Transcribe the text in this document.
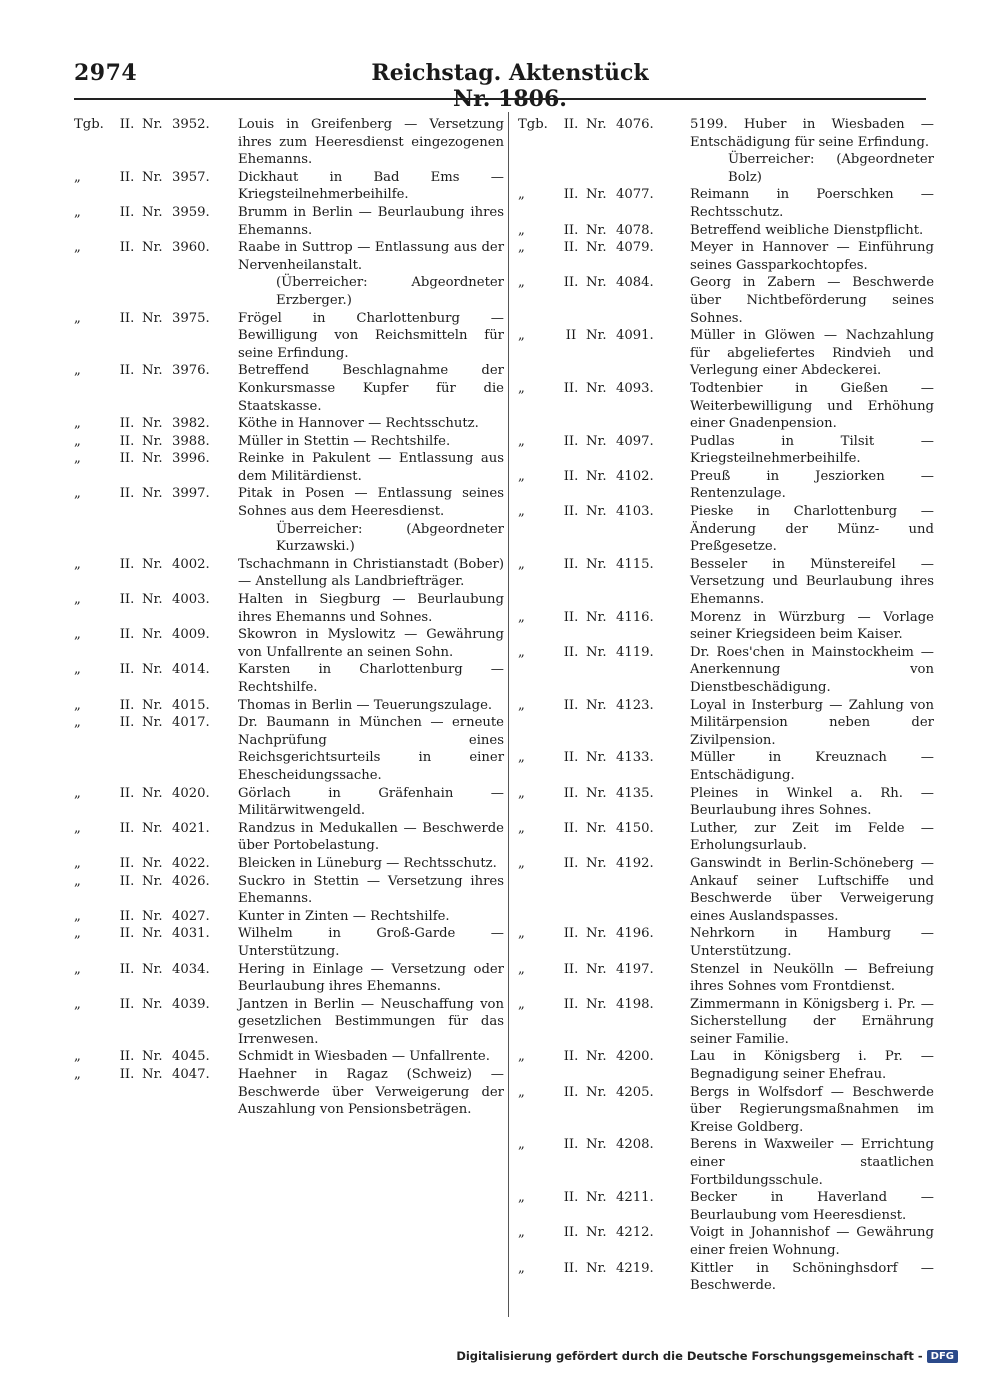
2974	Reichstag. Aktenstück Nr. 1806.
Tgb.	II. Nr. 3952.	Louis in Greifenberg — Versetzung ihres zum Heeresdienst eingezogenen Ehemanns.
„	II. Nr. 3957.	Dickhaut in Bad Ems — Kriegsteilnehmerbeihilfe.
„	II. Nr. 3959.	Brumm in Berlin — Beurlaubung ihres Ehemanns.
„	II. Nr. 3960.	Raabe in Suttrop — Entlassung aus der Nervenheilanstalt.
(Überreicher: Abgeordneter Erzberger.)
„	II. Nr. 3975.	Frögel in Charlottenburg — Bewilligung von Reichsmitteln für seine Erfindung.
„	II. Nr. 3976.	Betreffend Beschlagnahme der Konkursmasse Kupfer für die Staatskasse.
„	II. Nr. 3982.	Köthe in Hannover — Rechtsschutz.
„	II. Nr. 3988.	Müller in Stettin — Rechtshilfe.
„	II. Nr. 3996.	Reinke in Pakulent — Entlassung aus dem Militärdienst.
„	II. Nr. 3997.	Pitak in Posen — Entlassung seines Sohnes aus dem Heeresdienst.
Überreicher: (Abgeordneter Kurzawski.)
„	II. Nr. 4002.	Tschachmann in Christianstadt (Bober) — Anstellung als Landbriefträger.
„	II. Nr. 4003.	Halten in Siegburg — Beurlaubung ihres Ehemanns und Sohnes.
„	II. Nr. 4009.	Skowron in Myslowitz — Gewährung von Unfallrente an seinen Sohn.
„	II. Nr. 4014.	Karsten in Charlottenburg — Rechtshilfe.
„	II. Nr. 4015.	Thomas in Berlin — Teuerungszulage.
„	II. Nr. 4017.	Dr. Baumann in München — erneute Nachprüfung eines Reichsgerichtsurteils in einer Ehescheidungssache.
„	II. Nr. 4020.	Görlach in Gräfenhain — Militärwitwengeld.
„	II. Nr. 4021.	Randzus in Medukallen — Beschwerde über Portobelastung.
„	II. Nr. 4022.	Bleicken in Lüneburg — Rechtsschutz.
„	II. Nr. 4026.	Suckro in Stettin — Versetzung ihres Ehemanns.
„	II. Nr. 4027.	Kunter in Zinten — Rechtshilfe.
„	II. Nr. 4031.	Wilhelm in Groß-Garde — Unterstützung.
„	II. Nr. 4034.	Hering in Einlage — Versetzung oder Beurlaubung ihres Ehemanns.
„	II. Nr. 4039.	Jantzen in Berlin — Neuschaffung von gesetzlichen Bestimmungen für das Irrenwesen.
„	II. Nr. 4045.	Schmidt in Wiesbaden — Unfallrente.
„	II. Nr. 4047.	Haehner in Ragaz (Schweiz) — Beschwerde über Verweigerung der Auszahlung von Pensionsbeträgen.
Tgb.	II. Nr. 4076.	5199. Huber in Wiesbaden — Entschädigung für seine Erfindung.
Überreicher: (Abgeordneter Bolz)
„	II. Nr. 4077.	Reimann in Poerschken — Rechtsschutz.
„	II. Nr. 4078.	Betreffend weibliche Dienstpflicht.
„	II. Nr. 4079.	Meyer in Hannover — Einführung seines Gassparkochtopfes.
„	II. Nr. 4084.	Georg in Zabern — Beschwerde über Nichtbeförderung seines Sohnes.
„	II Nr. 4091.	Müller in Glöwen — Nachzahlung für abgeliefertes Rindvieh und Verlegung einer Abdeckerei.
„	II. Nr. 4093.	Todtenbier in Gießen — Weiterbewilligung und Erhöhung einer Gnadenpension.
„	II. Nr. 4097.	Pudlas in Tilsit — Kriegsteilnehmerbeihilfe.
„	II. Nr. 4102.	Preuß in Jesziorken — Rentenzulage.
„	II. Nr. 4103.	Pieske in Charlottenburg — Änderung der Münz- und Preßgesetze.
„	II. Nr. 4115.	Besseler in Münstereifel — Versetzung und Beurlaubung ihres Ehemanns.
„	II. Nr. 4116.	Morenz in Würzburg — Vorlage seiner Kriegsideen beim Kaiser.
„	II. Nr. 4119.	Dr. Roes'chen in Mainstockheim — Anerkennung von Dienstbeschädigung.
„	II. Nr. 4123.	Loyal in Insterburg — Zahlung von Militärpension neben der Zivilpension.
„	II. Nr. 4133.	Müller in Kreuznach — Entschädigung.
„	II. Nr. 4135.	Pleines in Winkel a. Rh. — Beurlaubung ihres Sohnes.
„	II. Nr. 4150.	Luther, zur Zeit im Felde — Erholungsurlaub.
„	II. Nr. 4192.	Ganswindt in Berlin-Schöneberg — Ankauf seiner Luftschiffe und Beschwerde über Verweigerung eines Auslandspasses.
„	II. Nr. 4196.	Nehrkorn in Hamburg — Unterstützung.
„	II. Nr. 4197.	Stenzel in Neukölln — Befreiung ihres Sohnes vom Frontdienst.
„	II. Nr. 4198.	Zimmermann in Königsberg i. Pr. — Sicherstellung der Ernährung seiner Familie.
„	II. Nr. 4200.	Lau in Königsberg i. Pr. — Begnadigung seiner Ehefrau.
„	II. Nr. 4205.	Bergs in Wolfsdorf — Beschwerde über Regierungsmaßnahmen im Kreise Goldberg.
„	II. Nr. 4208.	Berens in Waxweiler — Errichtung einer staatlichen Fortbildungsschule.
„	II. Nr. 4211.	Becker in Haverland — Beurlaubung vom Heeresdienst.
„	II. Nr. 4212.	Voigt in Johannishof — Gewährung einer freien Wohnung.
„	II. Nr. 4219.	Kittler in Schöninghsdorf — Beschwerde.
Digitalisierung gefördert durch die Deutsche Forschungsgemeinschaft - DFG
